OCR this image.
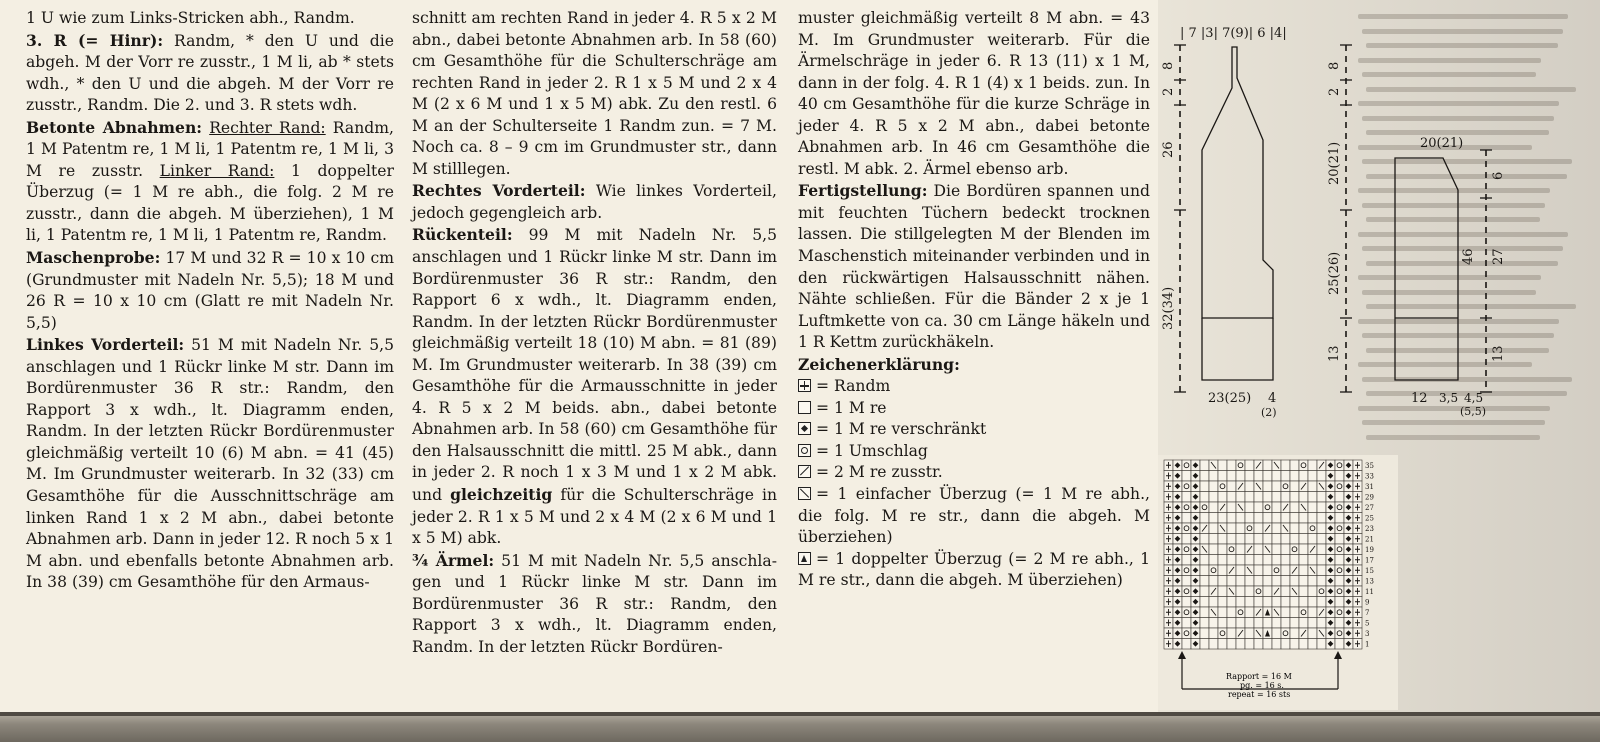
1 U wie zum Links-Stricken abh., Randm.

3. R (= Hinr): Randm, * den U und die abgeh. M der Vorr re zusstr., 1 M li, ab * stets wdh., * den U und die abgeh. M der Vorr re zusstr., Randm. Die 2. und 3. R stets wdh.

Betonte Abnahmen: Rechter Rand: Randm, 1 M Patentm re, 1 M li, 1 Patentm re, 1 M li, 3 M re zusstr. Linker Rand: 1 doppelter Überzug (= 1 M re abh., die folg. 2 M re zusstr., dann die abgeh. M überziehen), 1 M li, 1 Patentm re, 1 M li, 1 Patentm re, Randm.

Maschenprobe: 17 M und 32 R = 10 x 10 cm (Grundmuster mit Nadeln Nr. 5,5); 18 M und 26 R = 10 x 10 cm (Glatt re mit Nadeln Nr. 5,5)

Linkes Vorderteil: 51 M mit Nadeln Nr. 5,5 anschlagen und 1 Rückr linke M str. Dann im Bordürenmuster 36 R str.: Randm, den Rapport 3 x wdh., lt. Diagramm enden, Randm. In der letzten Rückr Bordürenmuster gleichmäßig verteilt 10 (6) M abn. = 41 (45) M. Im Grundmuster weiterarb. In 32 (33) cm Gesamthöhe für die Ausschnittschräge am linken Rand 1 x 2 M abn., dabei betonte Abnahmen arb. Dann in jeder 12. R noch 5 x 1 M abn. und ebenfalls betonte Abnahmen arb. In 38 (39) cm Gesamthöhe für den Armaus-

schnitt am rechten Rand in jeder 4. R 5 x 2 M abn., dabei betonte Abnahmen arb. In 58 (60) cm Gesamthöhe für die Schulterschräge am rechten Rand in jeder 2. R 1 x 5 M und 2 x 4 M (2 x 6 M und 1 x 5 M) abk. Zu den restl. 6 M an der Schulterseite 1 Randm zun. = 7 M. Noch ca. 8 – 9 cm im Grundmuster str., dann M stilllegen.

Rechtes Vorderteil: Wie linkes Vorderteil, jedoch gegengleich arb.

Rückenteil: 99 M mit Nadeln Nr. 5,5 anschlagen und 1 Rückr linke M str. Dann im Bordürenmuster 36 R str.: Randm, den Rapport 6 x wdh., lt. Diagramm enden, Randm. In der letzten Rückr Bordürenmuster gleichmäßig verteilt 18 (10) M abn. = 81 (89) M. Im Grundmuster weiterarb. In 38 (39) cm Gesamthöhe für die Armausschnitte in jeder 4. R 5 x 2 M beids. abn., dabei betonte Abnahmen arb. In 58 (60) cm Gesamthöhe für den Halsausschnitt die mittl. 25 M abk., dann in jeder 2. R noch 1 x 3 M und 1 x 2 M abk. und gleichzeitig für die Schulterschräge in jeder 2. R 1 x 5 M und 2 x 4 M (2 x 6 M und 1 x 5 M) abk.

¾ Ärmel: 51 M mit Nadeln Nr. 5,5 anschlagen und 1 Rückr linke M str. Dann im Bordürenmuster 36 R str.: Randm, den Rapport 3 x wdh., lt. Diagramm enden, Randm. In der letzten Rückr Bordüren-

muster gleichmäßig verteilt 8 M abn. = 43 M. Im Grundmuster weiterarb. Für die Ärmelschräge in jeder 6. R 13 (11) x 1 M, dann in der folg. 4. R 1 (4) x 1 beids. zun. In 40 cm Gesamthöhe für die kurze Schräge in jeder 4. R 5 x 2 M abn., dabei betonte Abnahmen arb. In 46 cm Gesamthöhe die restl. M abk. 2. Ärmel ebenso arb.

Fertigstellung: Die Bordüren spannen und mit feuchten Tüchern bedeckt trocknen lassen. Die stillgelegten M der Blenden im Maschenstich miteinander verbinden und in den rückwärtigen Halsausschnitt nähen. Nähte schließen. Für die Bänder 2 x je 1 Luftmkette von ca. 30 cm Länge häkeln und 1 R Kettm zurückhäkeln.

Zeichenerklärung:

= Randm

= 1 M re

= 1 M re verschränkt

= 1 Umschlag

= 2 M re zusstr.

= 1 einfacher Überzug (= 1 M re abh., die folg. M re str., dann die abgeh. M überziehen)

= 1 doppelter Überzug (= 2 M re abh., 1 M re str., dann die abgeh. M überziehen)

| 7 |3| 7(9)| 6 |4|
8
2
26
32(34)
8
2
20(21)
25(26)
13
23(25) 4
(2)
20(21)
6
46 27
13
12 3,5 4,5
(5,5)
35
33
31
29
27
25
23
21
19
17
15
13
11
9
7
5
3
1
Rapport = 16 M
pg. = 16 s.
repeat = 16 sts
